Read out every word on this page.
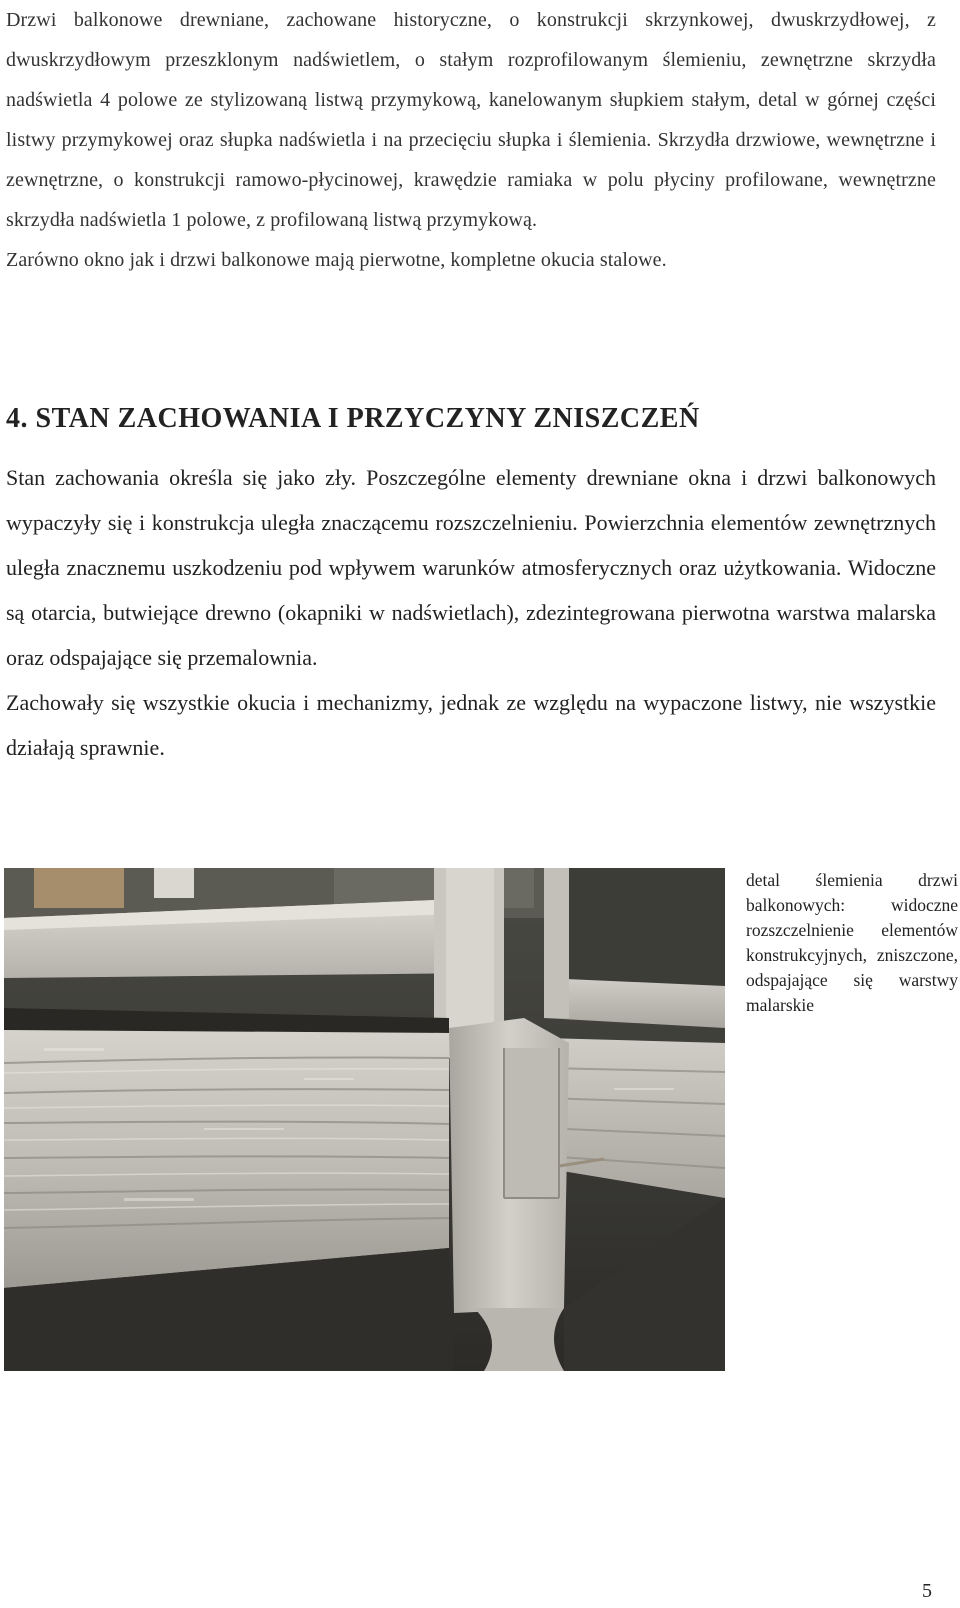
Drzwi balkonowe drewniane, zachowane historyczne, o konstrukcji skrzynkowej, dwuskrzydłowej, z dwuskrzydłowym przeszklonym nadświetlem, o stałym rozprofilowanym ślemieniu, zewnętrzne skrzydła nadświetla 4 polowe ze stylizowaną listwą przymykową, kanelowanym słupkiem stałym, detal w górnej części listwy przymykowej oraz słupka nadświetla i na przecięciu słupka i ślemienia. Skrzydła drzwiowe, wewnętrzne i zewnętrzne, o konstrukcji ramowo-płycinowej, krawędzie ramiaka w polu płyciny profilowane, wewnętrzne skrzydła nadświetla 1 polowe, z profilowaną listwą przymykową.

Zarówno okno jak i drzwi balkonowe mają pierwotne, kompletne okucia stalowe.

4. STAN ZACHOWANIA I PRZYCZYNY ZNISZCZEŃ

Stan zachowania określa się jako zły. Poszczególne elementy drewniane okna i drzwi balkonowych wypaczyły się i konstrukcja uległa znaczącemu rozszczelnieniu. Powierzchnia elementów zewnętrznych uległa znacznemu uszkodzeniu pod wpływem warunków atmosferycznych oraz użytkowania. Widoczne są otarcia, butwiejące drewno (okapniki w nadświetlach), zdezintegrowana pierwotna warstwa malarska oraz odspajające się przemalownia.

Zachowały się wszystkie okucia i mechanizmy, jednak ze względu na wypaczone listwy, nie wszystkie działają sprawnie.

detal ślemienia drzwi balkonowych: widoczne rozszczelnienie elementów konstrukcyjnych, zniszczone, odspajające się warstwy malarskie
5
